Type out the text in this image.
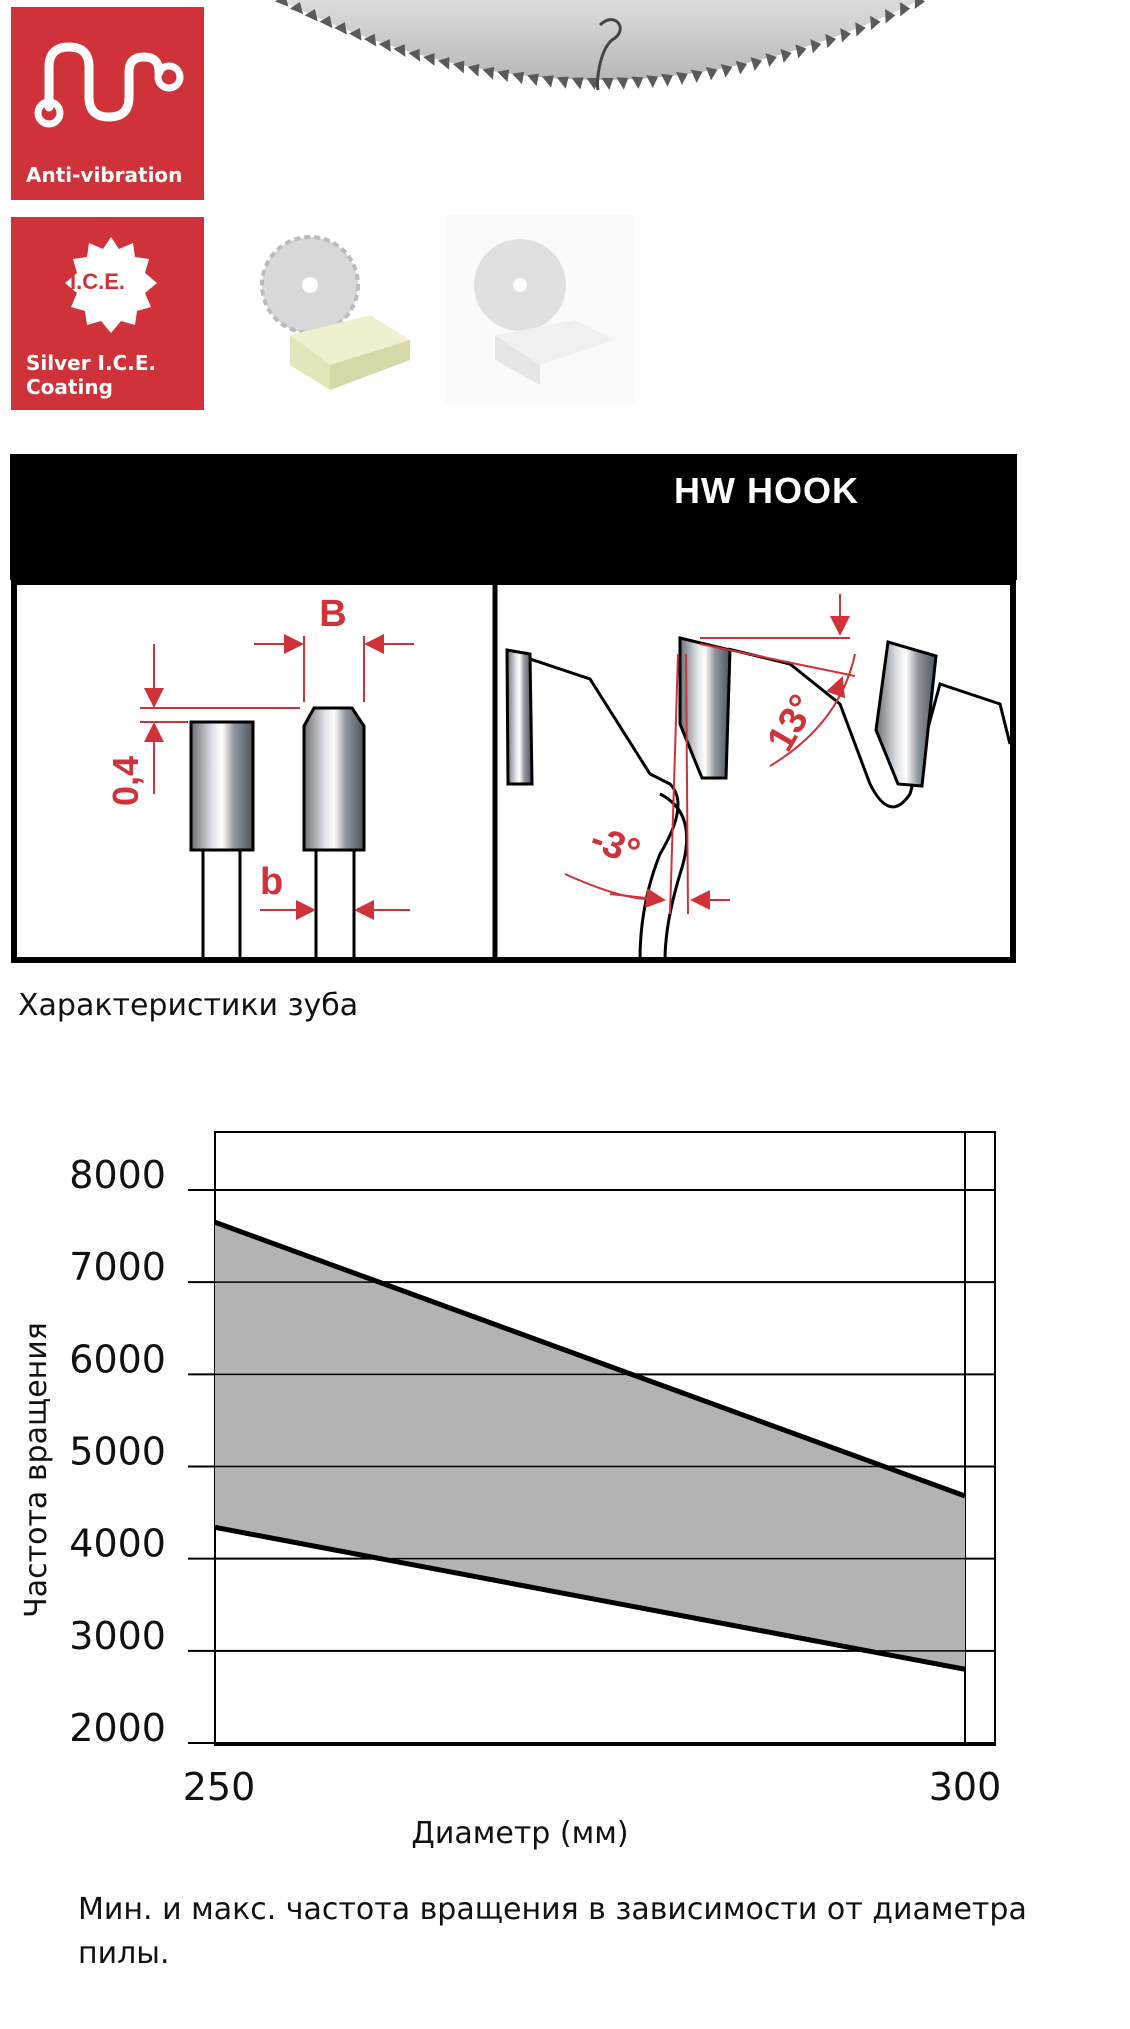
Anti-vibration
I.C.E.
Silver I.C.E.
Coating
B
0,4
b
13°
-3°
HW HOOK
Характеристики зуба
8000
7000
6000
5000
4000
3000
2000
250	300
Частота вращения
Диаметр (мм)
Мин. и макс. частота вращения в зависимости от диаметра пилы.
